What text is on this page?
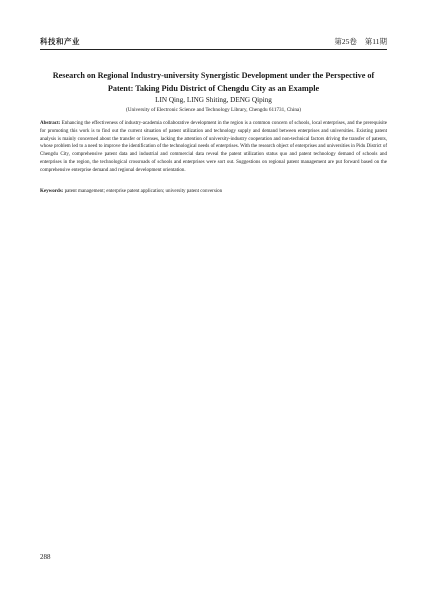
科技和产业	第25卷 第11期
Research on Regional Industry-university Synergistic Development under the Perspective of
Patent: Taking Pidu District of Chengdu City as an Example

LIN Qing, LING Shiting, DENG Qiping

(University of Electronic Science and Technology Library, Chengdu 611731, China)

Abstract: Enhancing the effectiveness of industry-academia collaborative development in the region is a common concern of schools, local enterprises, and the prerequisite for promoting this work is to find out the current situation of patent utilization and technology supply and demand between enterprises and universities. Existing patent analysis is mainly concerned about the transfer or licenses, lacking the attention of university-industry cooperation and non-technical factors driving the transfer of patents, whose problem led to a need to improve the identification of the technological needs of enterprises. With the research object of enterprises and universities in Pidu District of Chengdu City, comprehensive patent data and industrial and commercial data reveal the patent utilization status quo and patent technology demand of schools and enterprises in the region, the technological crossroads of schools and enterprises were sort out. Suggestions on regional patent management are put forward based on the comprehensive enterprise demand and regional development orientation.

Keywords: patent management; enterprise patent application; university patent conversion

288
